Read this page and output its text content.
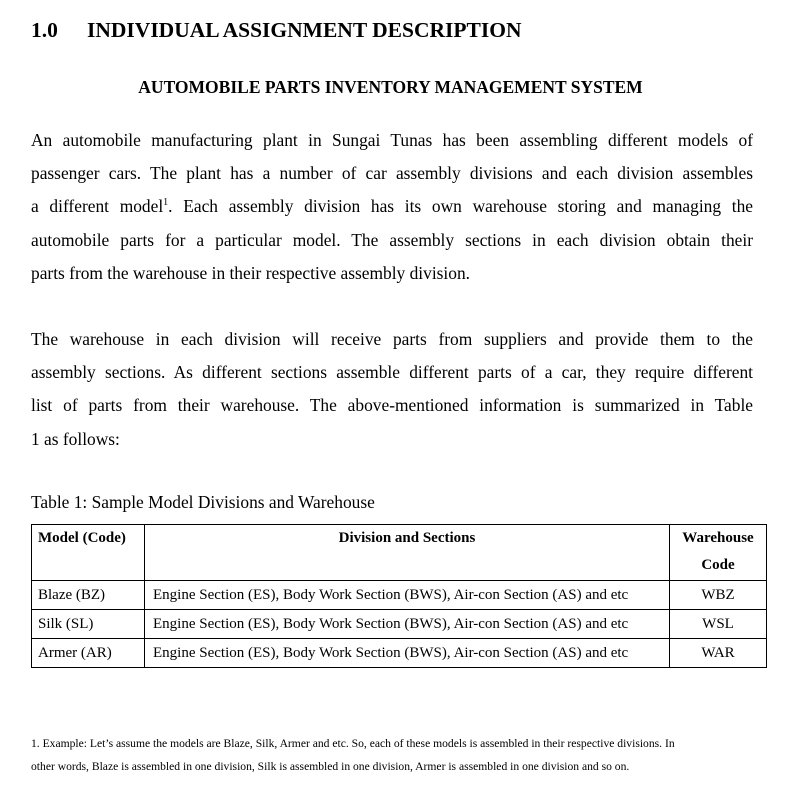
1.0 INDIVIDUAL ASSIGNMENT DESCRIPTION
AUTOMOBILE PARTS INVENTORY MANAGEMENT SYSTEM
An automobile manufacturing plant in Sungai Tunas has been assembling different models of
passenger cars. The plant has a number of car assembly divisions and each division assembles
a different model$^1$. Each assembly division has its own warehouse storing and managing the
automobile parts for a particular model. The assembly sections in each division obtain their
parts from the warehouse in their respective assembly division.
The warehouse in each division will receive parts from suppliers and provide them to the
assembly sections. As different sections assemble different parts of a car, they require different
list of parts from their warehouse. The above-mentioned information is summarized in Table
1 as follows:

Table 1: Sample Model Divisions and Warehouse

Model (Code)	Division and Sections	Warehouse
Code
Blaze (BZ)	Engine Section (ES), Body Work Section (BWS), Air-con Section (AS) and etc	WBZ
Silk (SL)	Engine Section (ES), Body Work Section (BWS), Air-con Section (AS) and etc	WSL
Armer (AR)	Engine Section (ES), Body Work Section (BWS), Air-con Section (AS) and etc	WAR
1. Example: Let’s assume the models are Blaze, Silk, Armer and etc. So, each of these models is assembled in their respective divisions. In
other words, Blaze is assembled in one division, Silk is assembled in one division, Armer is assembled in one division and so on.
